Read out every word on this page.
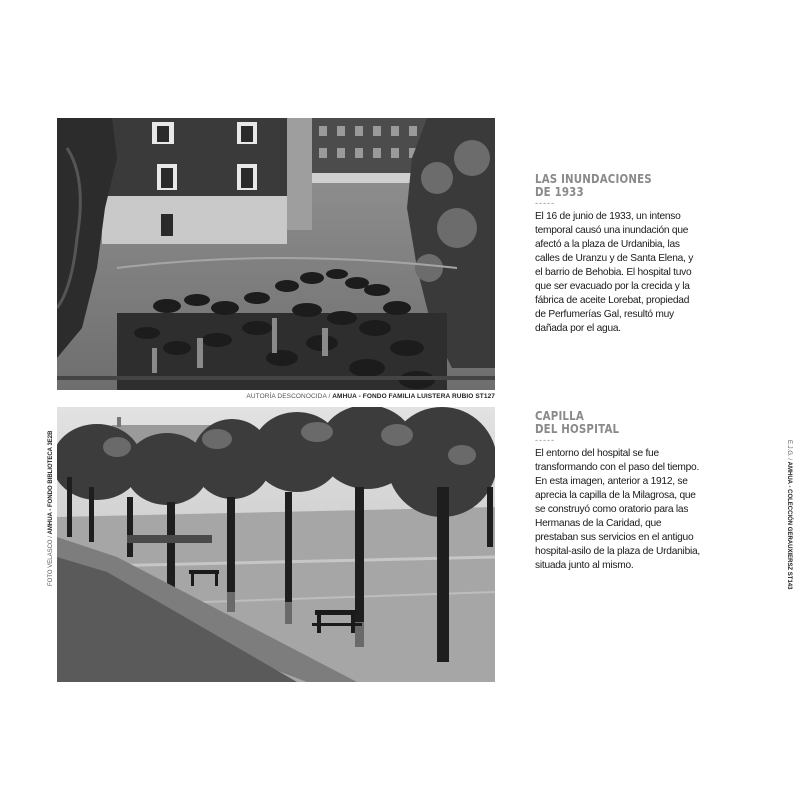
AUTORÍA DESCONOCIDA / AMHUA - FONDO FAMILIA LUISTERA RUBIO ST127
FOTO VELASCO / AMHUA - FONDO BIBLIOTECA 3E2B	E.J.G. / AMHUA - COLECCIÓN GERAUXIERSZ ST143
LAS INUNDACIONES
DE 1933
-----

El 16 de junio de 1933, un intenso temporal causó una inundación que afectó a la plaza de Urdanibia, las calles de Uranzu y de Santa Elena, y el barrio de Behobia. El hospital tuvo que ser evacuado por la crecida y la fábrica de aceite Lorebat, propiedad de Perfumerías Gal, resultó muy dañada por el agua.

CAPILLA
DEL HOSPITAL
-----

El entorno del hospital se fue transformando con el paso del tiempo. En esta imagen, anterior a 1912, se aprecia la capilla de la Milagrosa, que se construyó como oratorio para las Hermanas de la Caridad, que prestaban sus servicios en el antiguo hospital-asilo de la plaza de Urdanibia, situada junto al mismo.
